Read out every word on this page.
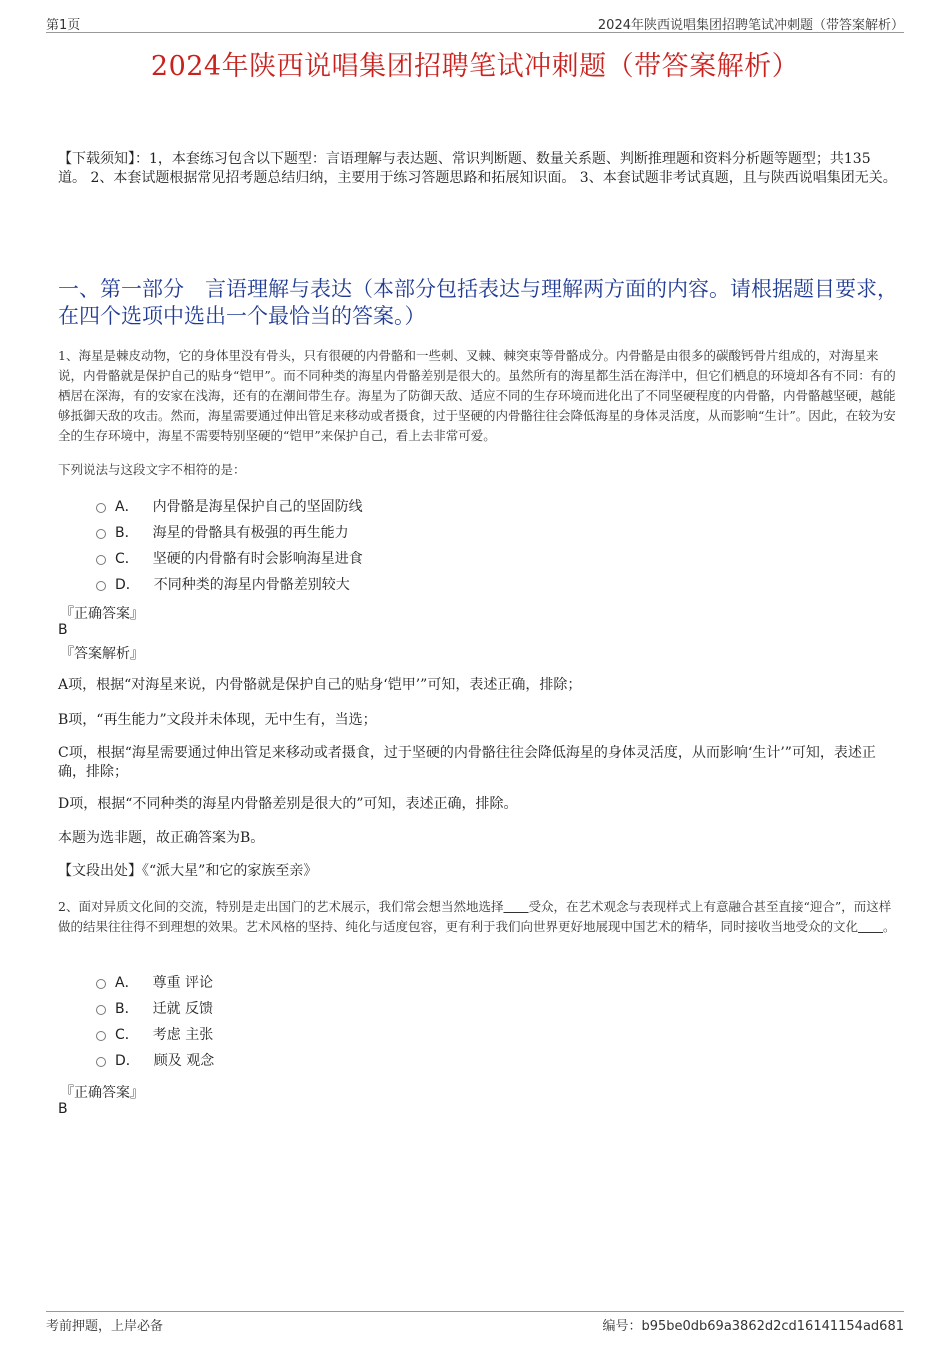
第1页	2024年陕西说唱集团招聘笔试冲刺题（带答案解析）
2024年陕西说唱集团招聘笔试冲刺题（带答案解析）
【下载须知】：1，本套练习包含以下题型：言语理解与表达题、常识判断题、数量关系题、判断推理题和资料分析题等题型；共135道。 2、本套试题根据常见招考题总结归纳，主要用于练习答题思路和拓展知识面。 3、本套试题非考试真题，且与陕西说唱集团无关。
一、第一部分　言语理解与表达（本部分包括表达与理解两方面的内容。请根据题目要求，在四个选项中选出一个最恰当的答案。）
1、海星是棘皮动物，它的身体里没有骨头，只有很硬的内骨骼和一些刺、叉棘、棘突束等骨骼成分。内骨骼是由很多的碳酸钙骨片组成的，对海星来说，内骨骼就是保护自己的贴身“铠甲”。而不同种类的海星内骨骼差别是很大的。虽然所有的海星都生活在海洋中，但它们栖息的环境却各有不同：有的栖居在深海，有的安家在浅海，还有的在潮间带生存。海星为了防御天敌、适应不同的生存环境而进化出了不同坚硬程度的内骨骼，内骨骼越坚硬，越能够抵御天敌的攻击。然而，海星需要通过伸出管足来移动或者摄食，过于坚硬的内骨骼往往会降低海星的身体灵活度，从而影响“生计”。因此，在较为安全的生存环境中，海星不需要特别坚硬的“铠甲”来保护自己，看上去非常可爱。
下列说法与这段文字不相符的是：
A． 内骨骼是海星保护自己的坚固防线
B． 海星的骨骼具有极强的再生能力
C． 坚硬的内骨骼有时会影响海星进食
D． 不同种类的海星内骨骼差别较大
『正确答案』
B
『答案解析』
A项，根据“对海星来说，内骨骼就是保护自己的贴身‘铠甲’”可知，表述正确，排除；
B项，“再生能力”文段并未体现，无中生有，当选；
C项，根据“海星需要通过伸出管足来移动或者摄食，过于坚硬的内骨骼往往会降低海星的身体灵活度，从而影响‘生计’”可知，表述正确，排除；
D项，根据“不同种类的海星内骨骼差别是很大的”可知，表述正确，排除。
本题为选非题，故正确答案为B。
【文段出处】《“派大星”和它的家族至亲》
2、面对异质文化间的交流，特别是走出国门的艺术展示，我们常会想当然地选择＿＿受众，在艺术观念与表现样式上有意融合甚至直接“迎合”，而这样做的结果往往得不到理想的效果。艺术风格的坚持、纯化与适度包容，更有利于我们向世界更好地展现中国艺术的精华，同时接收当地受众的文化＿＿。
A． 尊重 评论
B． 迁就 反馈
C． 考虑 主张
D． 顾及 观念
『正确答案』
B
考前押题，上岸必备	编号：b95be0db69a3862d2cd16141154ad681
